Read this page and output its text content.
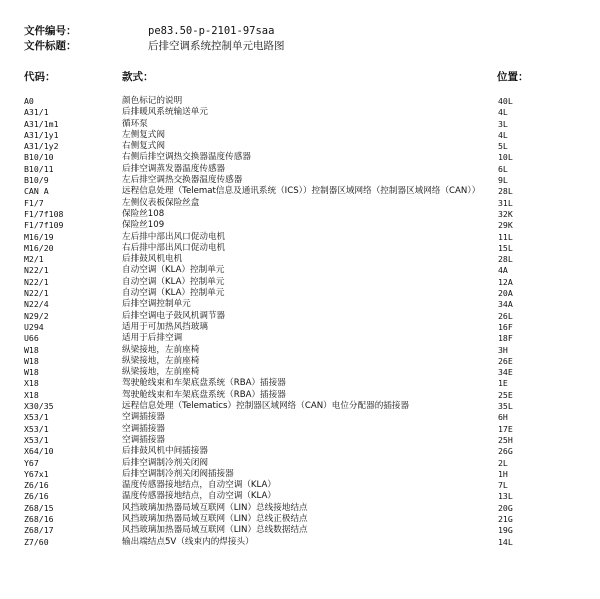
文件编号：	pe83.50-p-2101-97saa
文件标题：	后排空调系统控制单元电路图
代码：	款式：	位置：
A0	颜色标记的说明	40L
A31/1	后排暖风系统输送单元	4L
A31/1m1	循环泵	3L
A31/1y1	左侧复式阀	4L
A31/1y2	右侧复式阀	5L
B10/10	右侧后排空调热交换器温度传感器	10L
B10/11	后排空调蒸发器温度传感器	6L
B10/9	左后排空调热交换器温度传感器	9L
CAN A	远程信息处理（Telemat信息及通讯系统（ICS））控制器区域网络（控制器区域网络（CAN）） 28L
F1/7	左侧仪表板保险丝盒	31L
F1/7f108	保险丝108	32K
F1/7f109	保险丝109	29K
M16/19	左后排中部出风口促动电机	11L
M16/20	右后排中部出风口促动电机	15L
M2/1	后排鼓风机电机	28L
N22/1	自动空调（KLA）控制单元	4A
N22/1	自动空调（KLA）控制单元	12A
N22/1	自动空调（KLA）控制单元	20A
N22/4	后排空调控制单元	34A
N29/2	后排空调电子鼓风机调节器	26L
U294	适用于可加热风挡玻璃	16F
U66	适用于后排空调	18F
W18	纵梁接地，左前座椅	3H
W18	纵梁接地，左前座椅	26E
W18	纵梁接地，左前座椅	34E
X18	驾驶舱线束和车架底盘系统（RBA）插接器	1E
X18	驾驶舱线束和车架底盘系统（RBA）插接器	25E
X30/35	远程信息处理（Telematics）控制器区域网络（CAN）电位分配器的插接器	35L
X53/1	空调插接器	6H
X53/1	空调插接器	17E
X53/1	空调插接器	25H
X64/10	后排鼓风机中间插接器	26G
Y67	后排空调制冷剂关闭阀	2L
Y67x1	后排空调制冷剂关闭阀插接器	1H
Z6/16	温度传感器接地结点，自动空调（KLA）	7L
Z6/16	温度传感器接地结点，自动空调（KLA）	13L
Z68/15	风挡玻璃加热器局域互联网（LIN）总线接地结点	20G
Z68/16	风挡玻璃加热器局域互联网（LIN）总线正极结点	21G
Z68/17	风挡玻璃加热器局域互联网（LIN）总线数据结点	19G
Z7/60	输出端结点5V（线束内的焊接头）	14L
